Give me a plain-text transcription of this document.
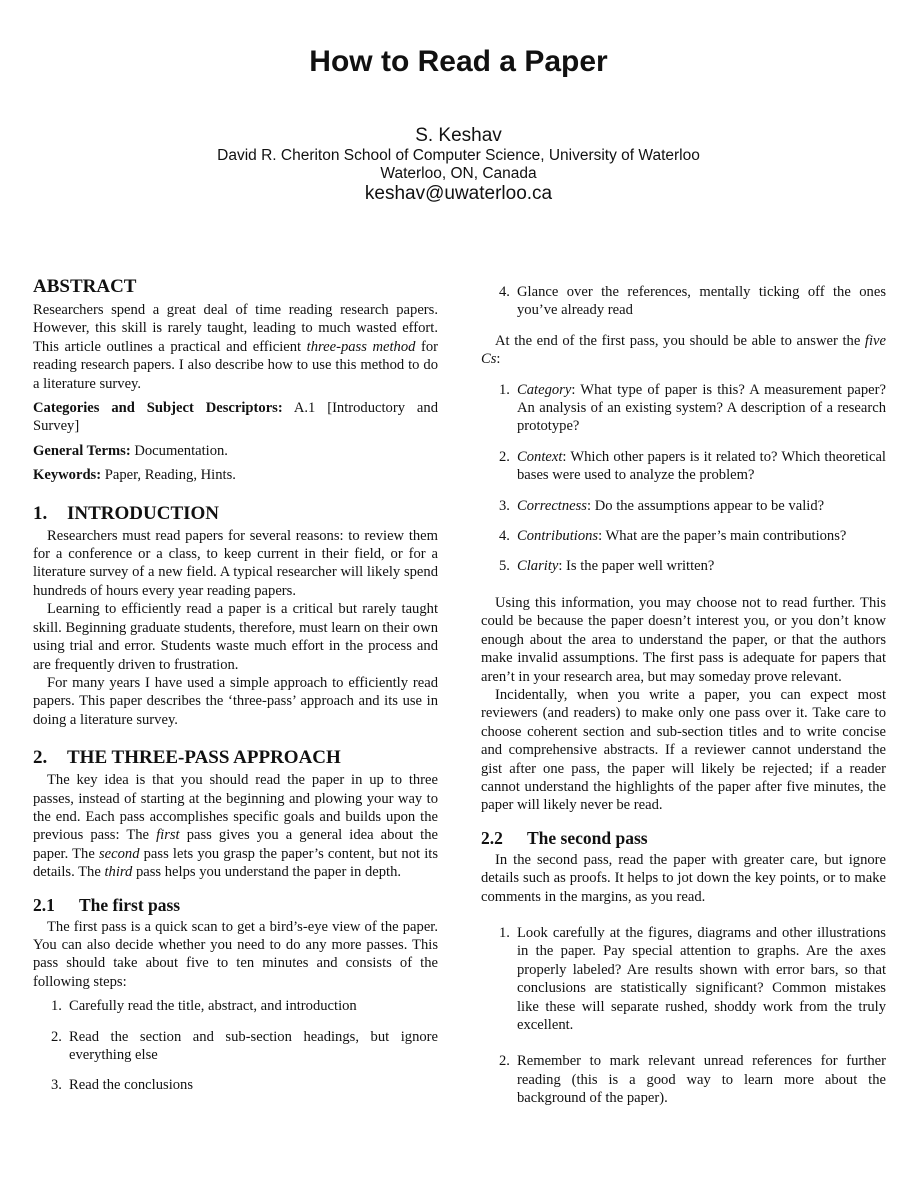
How to Read a Paper
S. Keshav
David R. Cheriton School of Computer Science, University of Waterloo
Waterloo, ON, Canada
keshav@uwaterloo.ca
ABSTRACT

Researchers spend a great deal of time reading research papers. However, this skill is rarely taught, leading to much wasted effort. This article outlines a practical and efficient three-pass method for reading research papers. I also describe how to use this method to do a literature survey.

Categories and Subject Descriptors: A.1 [Introductory and Survey]

General Terms: Documentation.

Keywords: Paper, Reading, Hints.

1. INTRODUCTION

Researchers must read papers for several reasons: to review them for a conference or a class, to keep current in their field, or for a literature survey of a new field. A typical researcher will likely spend hundreds of hours every year reading papers.

Learning to efficiently read a paper is a critical but rarely taught skill. Beginning graduate students, therefore, must learn on their own using trial and error. Students waste much effort in the process and are frequently driven to frustration.

For many years I have used a simple approach to efficiently read papers. This paper describes the ‘three-pass’ approach and its use in doing a literature survey.

2. THE THREE-PASS APPROACH

The key idea is that you should read the paper in up to three passes, instead of starting at the beginning and plowing your way to the end. Each pass accomplishes specific goals and builds upon the previous pass: The first pass gives you a general idea about the paper. The second pass lets you grasp the paper’s content, but not its details. The third pass helps you understand the paper in depth.

2.1 The first pass

The first pass is a quick scan to get a bird’s-eye view of the paper. You can also decide whether you need to do any more passes. This pass should take about five to ten minutes and consists of the following steps:

1. Carefully read the title, abstract, and introduction
2. Read the section and sub-section headings, but ignore everything else
3. Read the conclusions
4. Glance over the references, mentally ticking off the ones you’ve already read

At the end of the first pass, you should be able to answer the five Cs:

1. Category: What type of paper is this? A measurement paper? An analysis of an existing system? A description of a research prototype?
2. Context: Which other papers is it related to? Which theoretical bases were used to analyze the problem?
3. Correctness: Do the assumptions appear to be valid?
4. Contributions: What are the paper’s main contributions?
5. Clarity: Is the paper well written?

Using this information, you may choose not to read further. This could be because the paper doesn’t interest you, or you don’t know enough about the area to understand the paper, or that the authors make invalid assumptions. The first pass is adequate for papers that aren’t in your research area, but may someday prove relevant.

Incidentally, when you write a paper, you can expect most reviewers (and readers) to make only one pass over it. Take care to choose coherent section and sub-section titles and to write concise and comprehensive abstracts. If a reviewer cannot understand the gist after one pass, the paper will likely be rejected; if a reader cannot understand the highlights of the paper after five minutes, the paper will likely never be read.

2.2 The second pass

In the second pass, read the paper with greater care, but ignore details such as proofs. It helps to jot down the key points, or to make comments in the margins, as you read.

1. Look carefully at the figures, diagrams and other illustrations in the paper. Pay special attention to graphs. Are the axes properly labeled? Are results shown with error bars, so that conclusions are statistically significant? Common mistakes like these will separate rushed, shoddy work from the truly excellent.
2. Remember to mark relevant unread references for further reading (this is a good way to learn more about the background of the paper).
